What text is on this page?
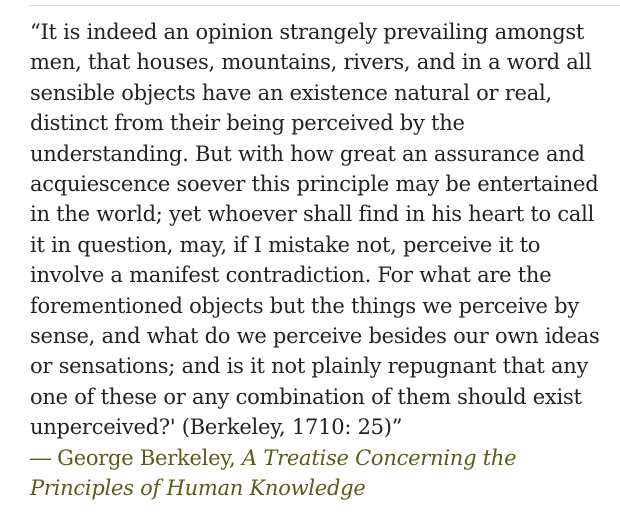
“It is indeed an opinion strangely prevailing amongst men, that houses, mountains, rivers, and in a word all sensible objects have an existence natural or real, distinct from their being perceived by the understanding. But with how great an assurance and acquiescence soever this principle may be entertained in the world; yet whoever shall find in his heart to call it in question, may, if I mistake not, perceive it to involve a manifest contradiction. For what are the forementioned objects but the things we perceive by sense, and what do we perceive besides our own ideas or sensations; and is it not plainly repugnant that any one of these or any combination of them should exist unperceived?' (Berkeley, 1710: 25)”

― George Berkeley, A Treatise Concerning the Principles of Human Knowledge
